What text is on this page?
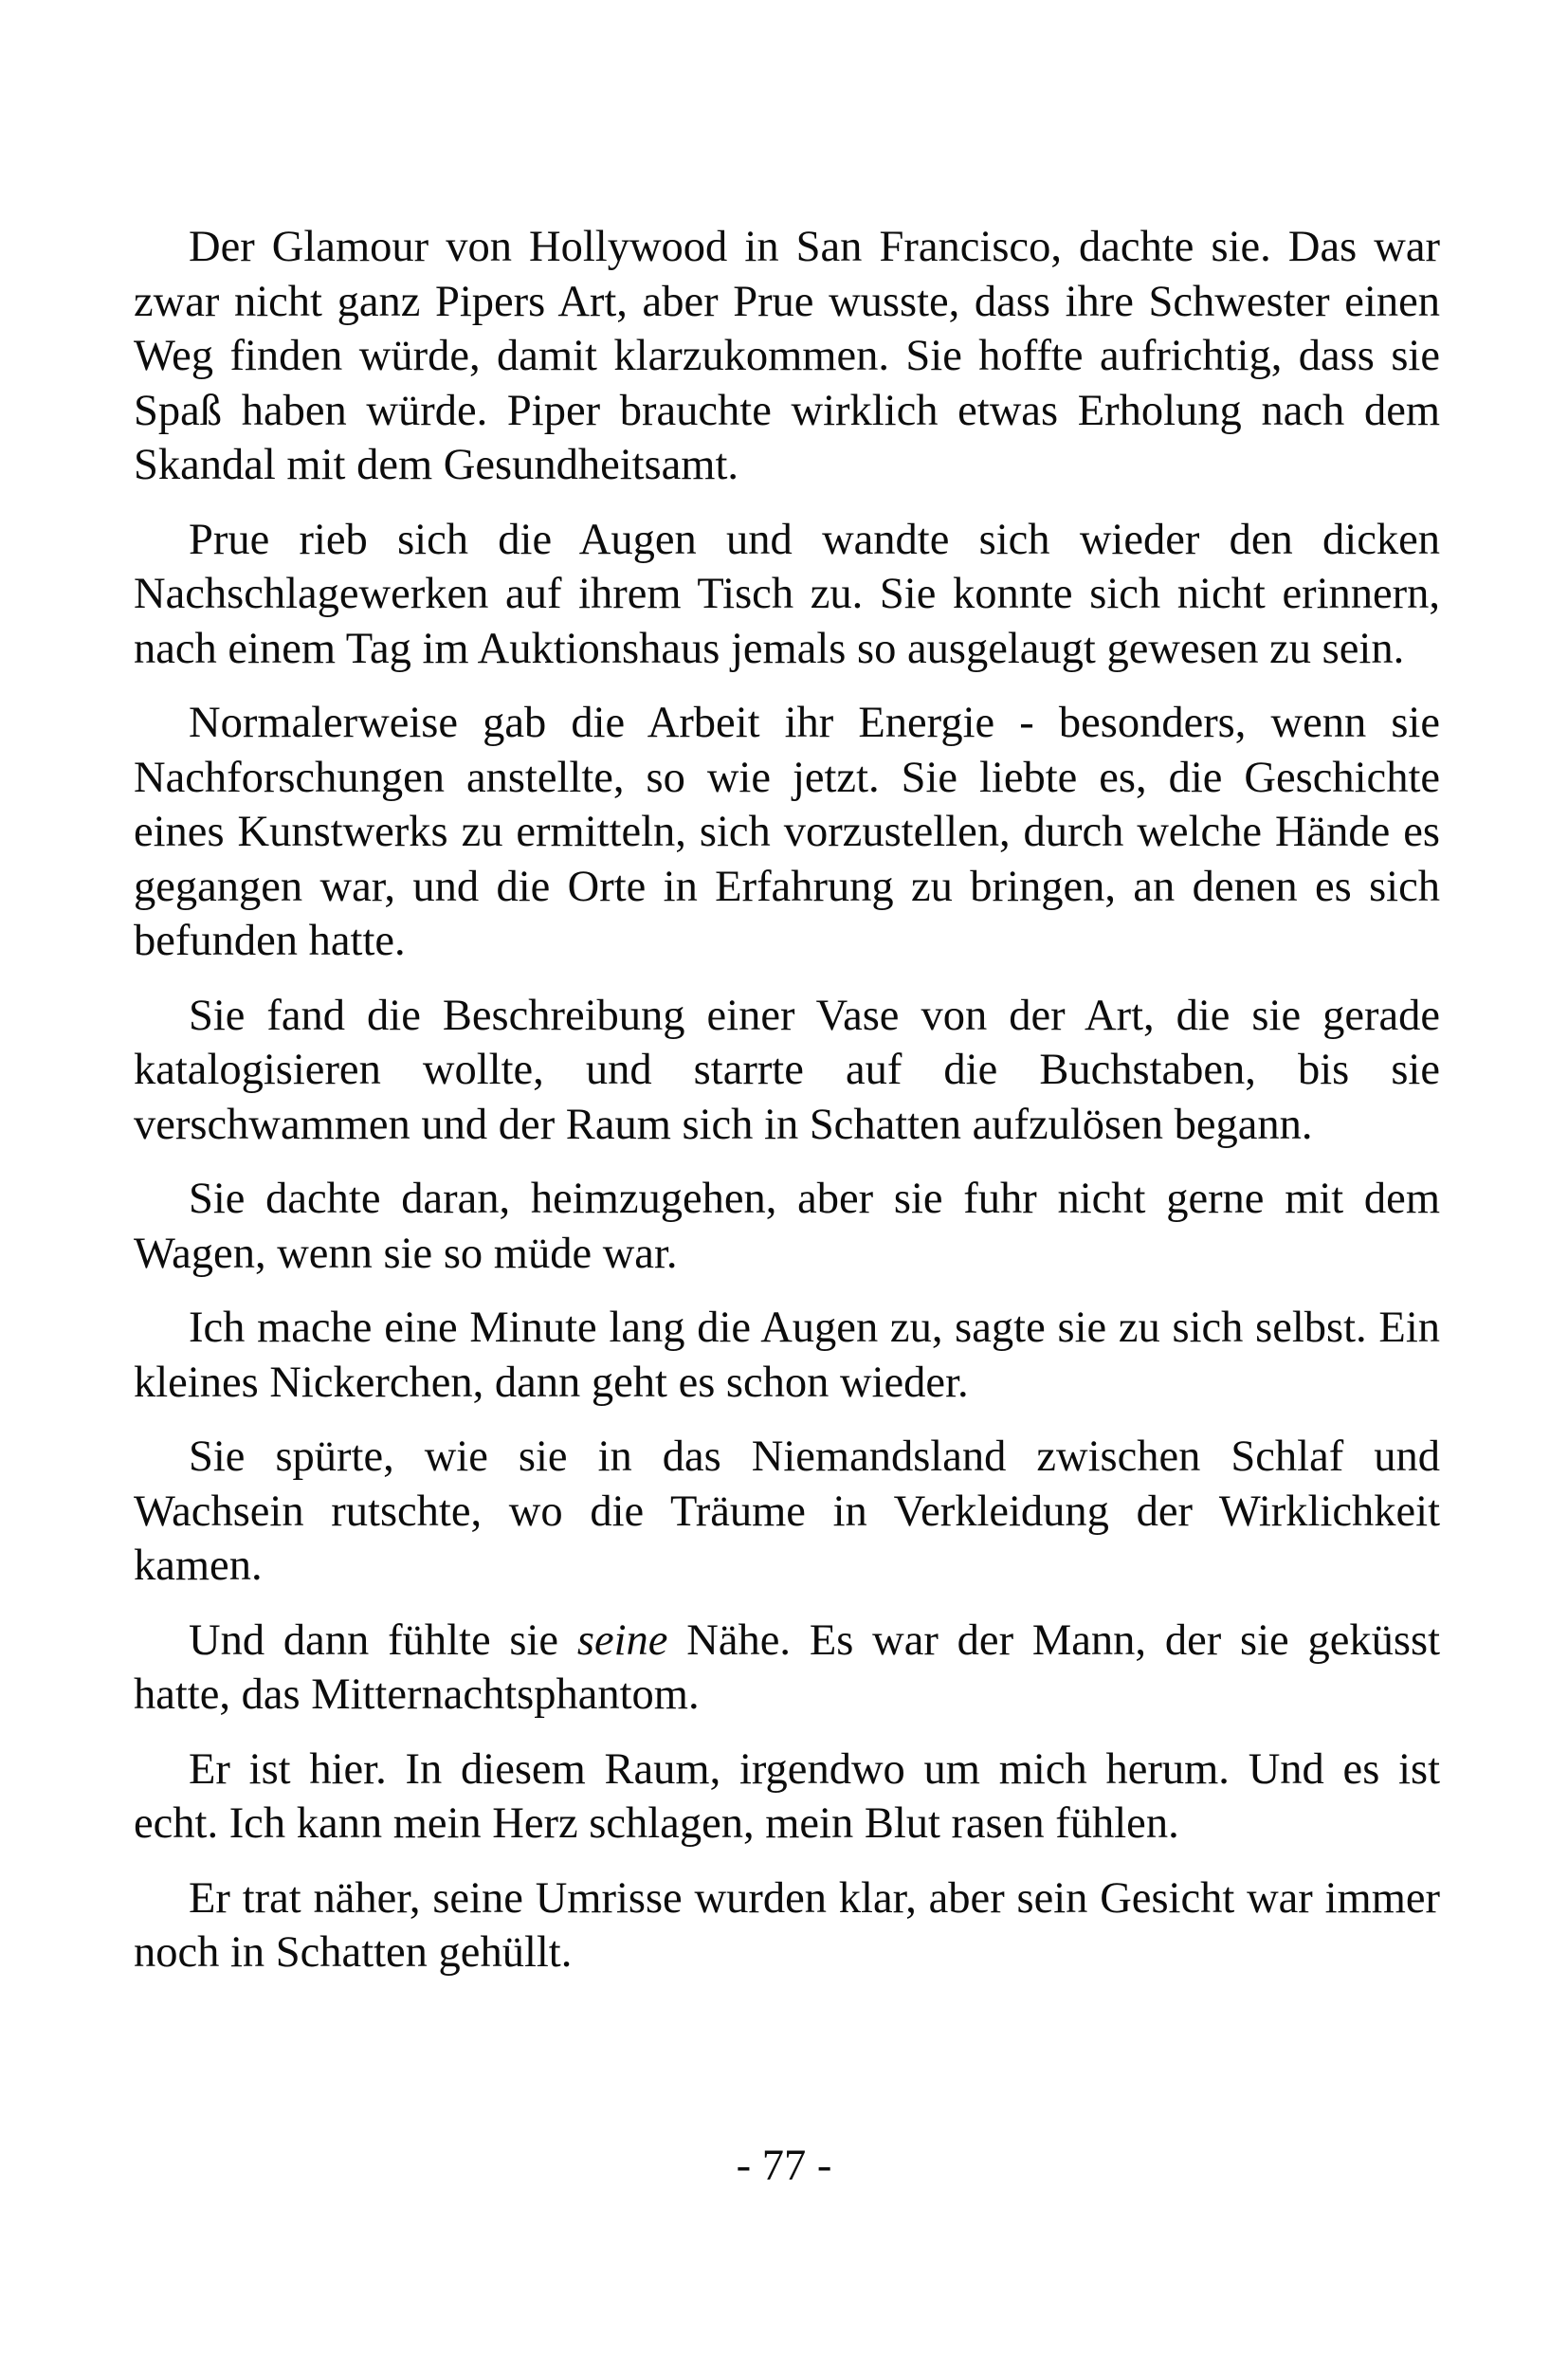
Der Glamour von Hollywood in San Francisco, dachte sie. Das war zwar nicht ganz Pipers Art, aber Prue wusste, dass ihre Schwester einen Weg finden würde, damit klarzukommen. Sie hoffte aufrichtig, dass sie Spaß haben würde. Piper brauchte wirklich etwas Erholung nach dem Skandal mit dem Gesundheitsamt.

Prue rieb sich die Augen und wandte sich wieder den dicken Nachschlagewerken auf ihrem Tisch zu. Sie konnte sich nicht erinnern, nach einem Tag im Auktionshaus jemals so ausgelaugt gewesen zu sein.

Normalerweise gab die Arbeit ihr Energie - besonders, wenn sie Nachforschungen anstellte, so wie jetzt. Sie liebte es, die Geschichte eines Kunstwerks zu ermitteln, sich vorzustellen, durch welche Hände es gegangen war, und die Orte in Erfahrung zu bringen, an denen es sich befunden hatte.

Sie fand die Beschreibung einer Vase von der Art, die sie gerade katalogisieren wollte, und starrte auf die Buchstaben, bis sie verschwammen und der Raum sich in Schatten aufzulösen begann.

Sie dachte daran, heimzugehen, aber sie fuhr nicht gerne mit dem Wagen, wenn sie so müde war.

Ich mache eine Minute lang die Augen zu, sagte sie zu sich selbst. Ein kleines Nickerchen, dann geht es schon wieder.

Sie spürte, wie sie in das Niemandsland zwischen Schlaf und Wachsein rutschte, wo die Träume in Verkleidung der Wirklichkeit kamen.

Und dann fühlte sie seine Nähe. Es war der Mann, der sie geküsst hatte, das Mitternachtsphantom.

Er ist hier. In diesem Raum, irgendwo um mich herum. Und es ist echt. Ich kann mein Herz schlagen, mein Blut rasen fühlen.

Er trat näher, seine Umrisse wurden klar, aber sein Gesicht war immer noch in Schatten gehüllt.

- 77 -
